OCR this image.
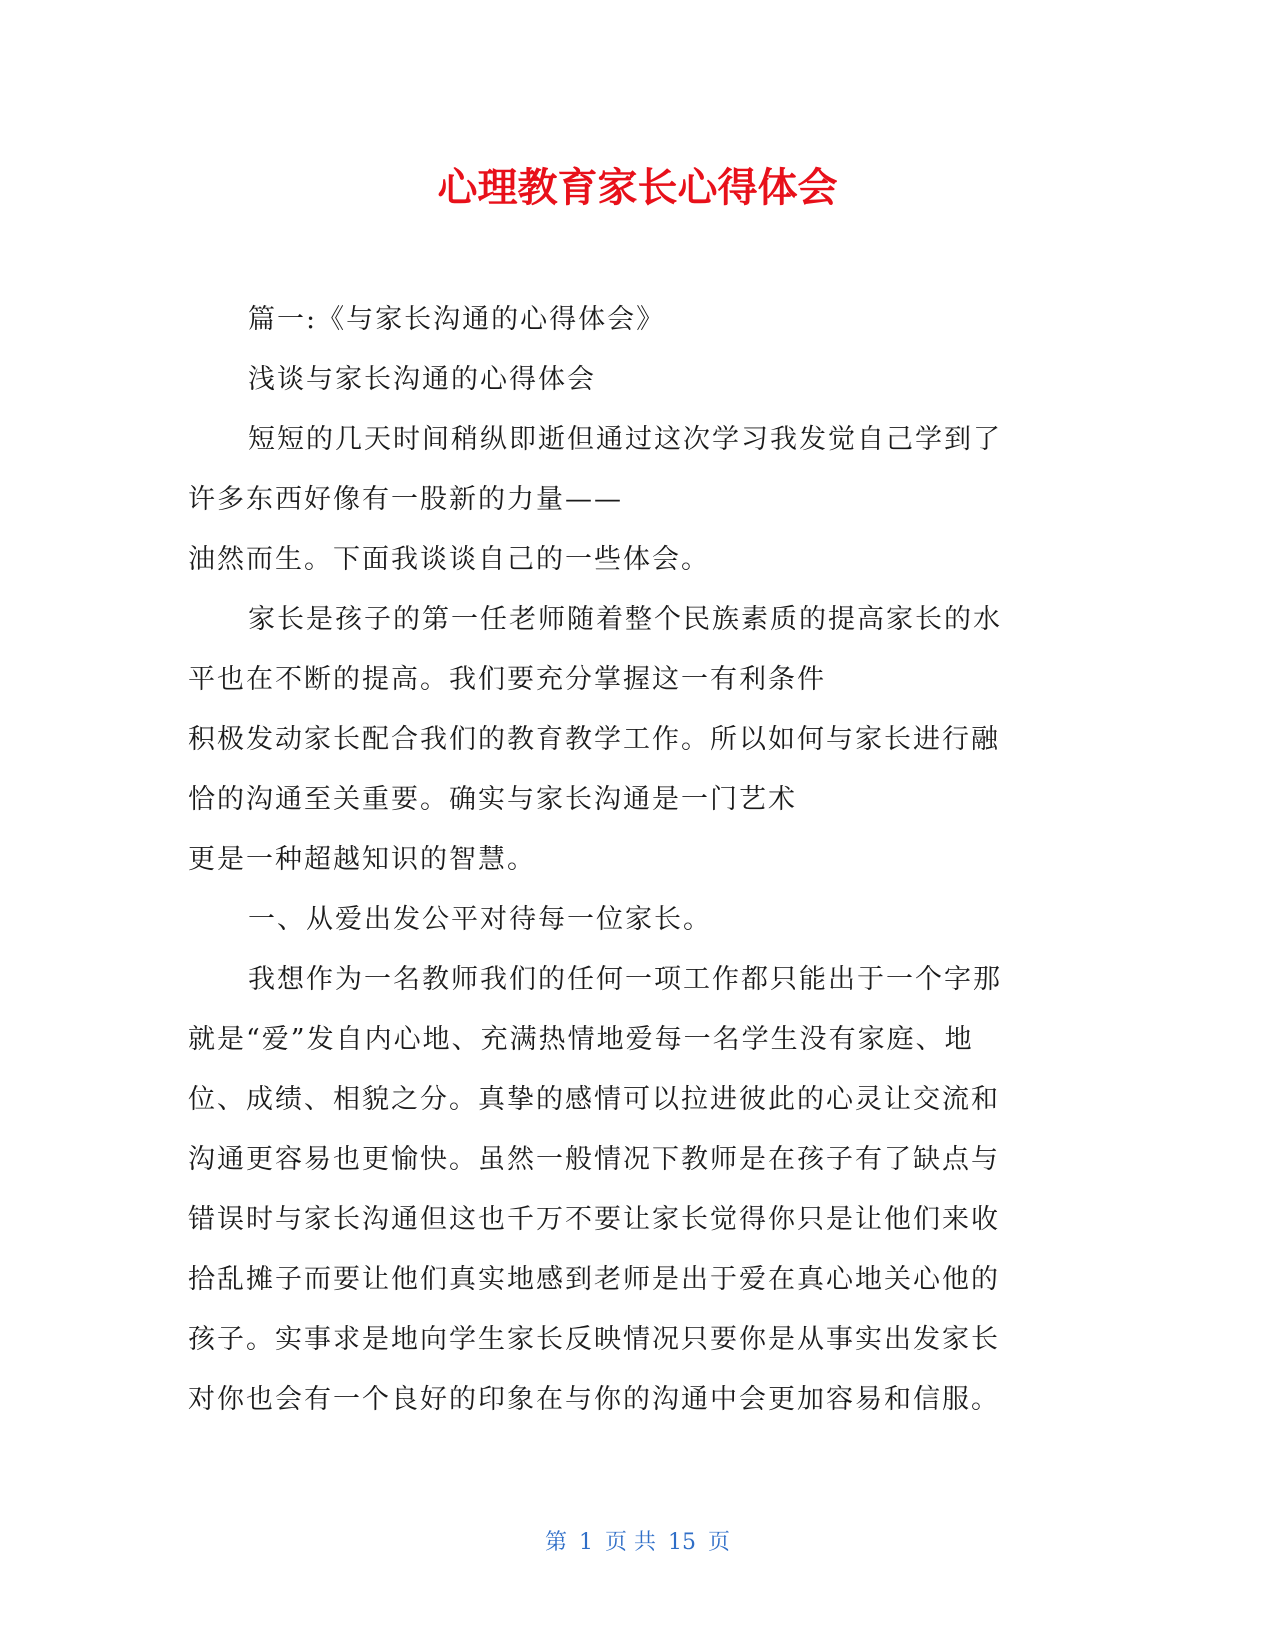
心理教育家长心得体会

篇一:《与家长沟通的心得体会》

浅谈与家长沟通的心得体会

短短的几天时间稍纵即逝但通过这次学习我发觉自己学到了

许多东西好像有一股新的力量——

油然而生。下面我谈谈自己的一些体会。

家长是孩子的第一任老师随着整个民族素质的提高家长的水

平也在不断的提高。我们要充分掌握这一有利条件

积极发动家长配合我们的教育教学工作。所以如何与家长进行融

恰的沟通至关重要。确实与家长沟通是一门艺术

更是一种超越知识的智慧。

一、从爱出发公平对待每一位家长。

我想作为一名教师我们的任何一项工作都只能出于一个字那

就是“爱”发自内心地、充满热情地爱每一名学生没有家庭、地

位、成绩、相貌之分。真挚的感情可以拉进彼此的心灵让交流和

沟通更容易也更愉快。虽然一般情况下教师是在孩子有了缺点与

错误时与家长沟通但这也千万不要让家长觉得你只是让他们来收

拾乱摊子而要让他们真实地感到老师是出于爱在真心地关心他的

孩子。实事求是地向学生家长反映情况只要你是从事实出发家长

对你也会有一个良好的印象在与你的沟通中会更加容易和信服。

第 1 页 共 15 页
